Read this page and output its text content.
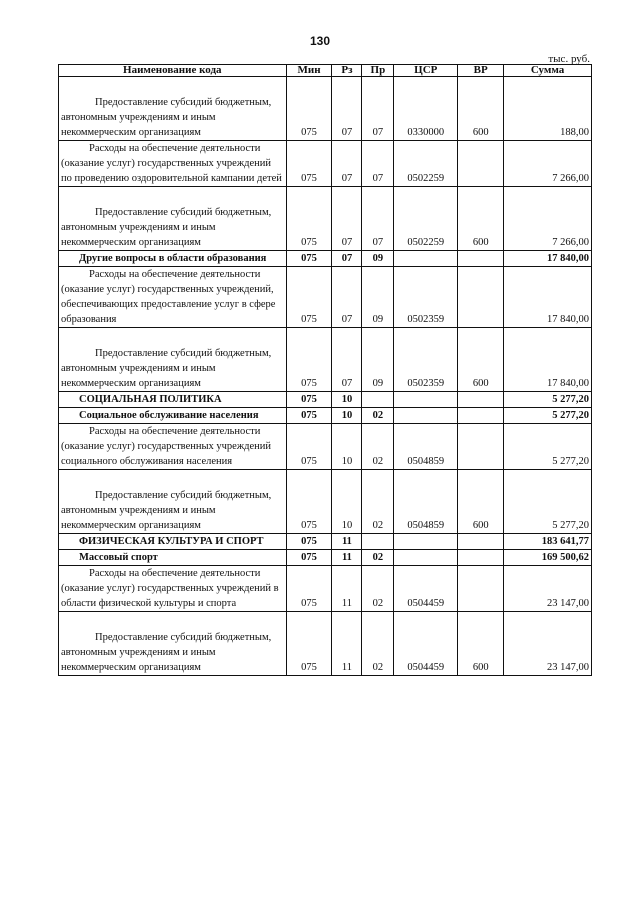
130
тыс. руб.
Наименование кода	Мин	Рз	Пр	ЦСР	ВР	Сумма
Предоставление субсидий бюджетным, автономным учреждениям и иным некоммерческим организациям	075	07	07	0330000	600	188,00
Расходы на обеспечение деятельности (оказание услуг) государственных учреждений по проведению оздоровительной кампании детей	075	07	07	0502259		7 266,00
Предоставление субсидий бюджетным, автономным учреждениям и иным некоммерческим организациям	075	07	07	0502259	600	7 266,00
Другие вопросы в области образования	075	07	09			17 840,00
Расходы на обеспечение деятельности (оказание услуг) государственных учреждений, обеспечивающих предоставление услуг в сфере образования	075	07	09	0502359		17 840,00
Предоставление субсидий бюджетным, автономным учреждениям и иным некоммерческим организациям	075	07	09	0502359	600	17 840,00
СОЦИАЛЬНАЯ ПОЛИТИКА	075	10				5 277,20
Социальное обслуживание населения	075	10	02			5 277,20
Расходы на обеспечение деятельности (оказание услуг) государственных учреждений социального обслуживания населения	075	10	02	0504859		5 277,20
Предоставление субсидий бюджетным, автономным учреждениям и иным некоммерческим организациям	075	10	02	0504859	600	5 277,20
ФИЗИЧЕСКАЯ КУЛЬТУРА И СПОРТ	075	11				183 641,77
Массовый спорт	075	11	02			169 500,62
Расходы на обеспечение деятельности (оказание услуг) государственных учреждений в области физической культуры и спорта	075	11	02	0504459		23 147,00
Предоставление субсидий бюджетным, автономным учреждениям и иным некоммерческим организациям	075	11	02	0504459	600	23 147,00
